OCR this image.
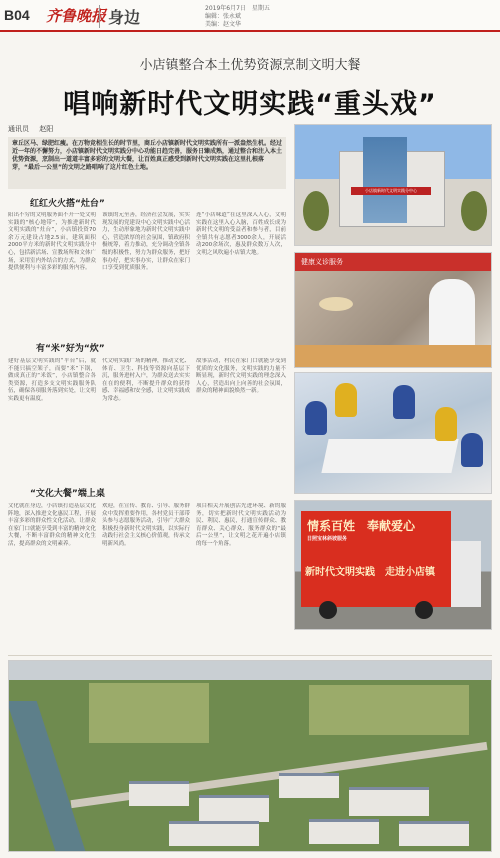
B04 齐鲁晚报 身边	2019年6月7日　星期五
编辑：张永斌
美编：赵文华
小店镇整合本土优势资源烹制文明大餐
唱响新时代文明实践“重头戏”
通讯员 赵阳
章丘区马、绿肥红瘦。在万物竞相生长的时节里，商丘小店镇新时代文明实践所有一派盎然生机。经过近一年的不懈努力，小店镇新时代文明实践分中心功能日趋完善，服务日臻成熟，通过整合和注入本土优势资源，烹制出一道道丰富多彩的文明大餐，让百姓真正感受到新时代文明实践在这里扎根落芽，“最后一公里”的文明之路唱响了这片红色土地。
红红火火搭“灶台”
阳出不穷的文明服务面不开一处文明实践的“核心地带”，为推进新时代文明实践的“灶台”，小店镇投资70余万元建设占地2.5亩，建筑面积2000平方米的新时代文明实践分中心，包括新活场、宣教场所和文体广场，采用室内外结合的方式，为群众提供便利与丰富多彩的服务内容。
该镇的元至善，经济社会发展，实实现发展的党建设中心文明实践中心活力，生动形象地为新时代文明实践中心，营造浓厚的社会氛围，镇政府积极统筹，着力推动，充分调动全镇各级的积极性，努力为群众服务，把好事办好，把实事办实，让群众在家门口享受到优质服务。
连“小店味道”在这里深入人心，文明实践在这里入心入脑，百姓成长成为新时代文明的受益者和参与者，目前全镇共有志愿者3000余人，开展活动200余场次，惠及群众数万人次，文明之风吹遍小店镇大地。
有“米”好为“炊”
建好基层文明实践的“平台”后，就不能只搞空架子，而要“米”下锅，做成真正的“米饭”，小店镇整合各类资源，打造多支文明实践服务队伍，确保各项服务落到实处，让文明实践更有温度。
代文明实践广场的精神，推动文化、体育、卫生、科技等资源向基层下沉，服务进村入户，为群众送去实实在在的便利，不断提升群众的获得感、幸福感和安全感，让文明实践成为常态。
故事活动，村民在家门口就能享受到优质的文化服务，文明实践的力量不断显现，新时代文明实践的理念深入人心，营造出向上向善的社会氛围，群众的精神面貌焕然一新。
“文化大餐”端上桌
文化就在身边，小店镇打造基层文化阵地，深入推进文化惠民工程，开展丰富多彩的群众性文化活动，让群众在家门口就能享受到丰富的精神文化大餐，不断丰富群众的精神文化生活，提高群众的文明素养。
欢迎，在宣传、教育、引导、服务群众中发挥重要作用，各村党员干部带头参与志愿服务活动，引导广大群众积极投身新时代文明实践，以实际行动践行社会主义核心价值观，传承文明新风尚。
项目相关开展创活先进环境、新的服务，切实把新时代文明实践活动为民、利民、惠民，打通宣传群众、教育群众、关心群众、服务群众的“最后一公里”，让文明之花开遍小店镇的每一个角落。
小店镇新时代文明实践分中心
健康义诊服务
情系百姓　奉献爱心
日照宝林斜坡服务
新时代文明实践　走进小店镇
